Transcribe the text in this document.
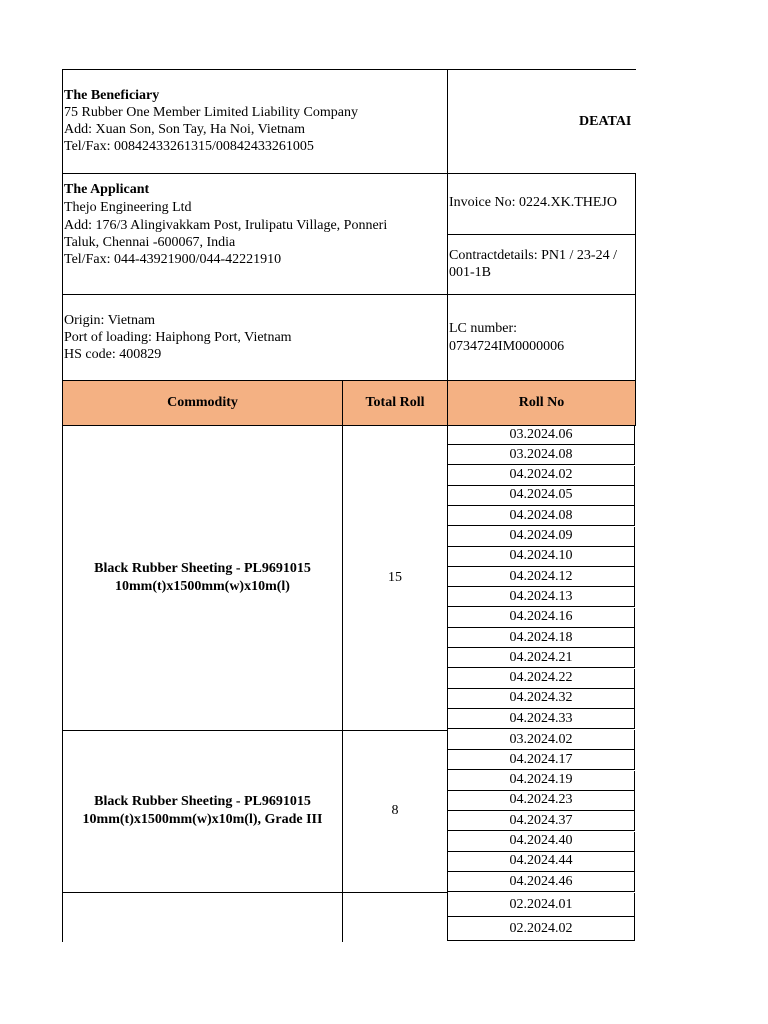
The Beneficiary
75 Rubber One Member Limited Liability Company
Add: Xuan Son, Son Tay, Ha Noi, Vietnam
Tel/Fax: 00842433261315/00842433261005
DEATAI
The Applicant
Thejo Engineering Ltd
Add: 176/3 Alingivakkam Post, Irulipatu Village, Ponneri
Taluk, Chennai -600067, India
Tel/Fax: 044-43921900/044-42221910
Invoice No: 0224.XK.THEJO
Contractdetails: PN1 / 23-24 /
001-1B
Origin: Vietnam
Port of loading: Haiphong Port, Vietnam
HS code: 400829
LC number:
0734724IM0000006
Commodity	Total Roll	Roll No
Black Rubber Sheeting - PL9691015
10mm(t)x1500mm(w)x10m(l)
15
Black Rubber Sheeting - PL9691015
10mm(t)x1500mm(w)x10m(l), Grade III
8
03.2024.06
03.2024.08
04.2024.02
04.2024.05
04.2024.08
04.2024.09
04.2024.10
04.2024.12
04.2024.13
04.2024.16
04.2024.18
04.2024.21
04.2024.22
04.2024.32
04.2024.33
03.2024.02
04.2024.17
04.2024.19
04.2024.23
04.2024.37
04.2024.40
04.2024.44
04.2024.46
02.2024.01
02.2024.02
